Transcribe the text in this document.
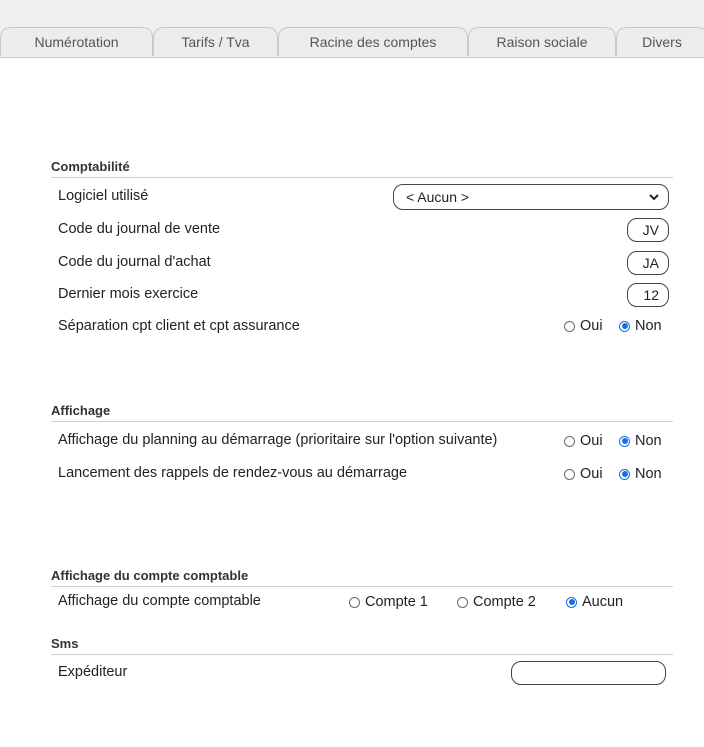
Numérotation	Tarifs / Tva	Racine des comptes	Raison sociale	Divers
Comptabilité
Logiciel utilisé	< Aucun >
Code du journal de vente	JV
Code du journal d'achat	JA
Dernier mois exercice	12
Séparation cpt client et cpt assurance	Oui Non
Affichage
Affichage du planning au démarrage (prioritaire sur l'option suivante)	Oui Non
Lancement des rappels de rendez-vous au démarrage	Oui Non
Affichage du compte comptable
Affichage du compte comptable	Compte 1	Compte 2	Aucun
Sms
Expéditeur
